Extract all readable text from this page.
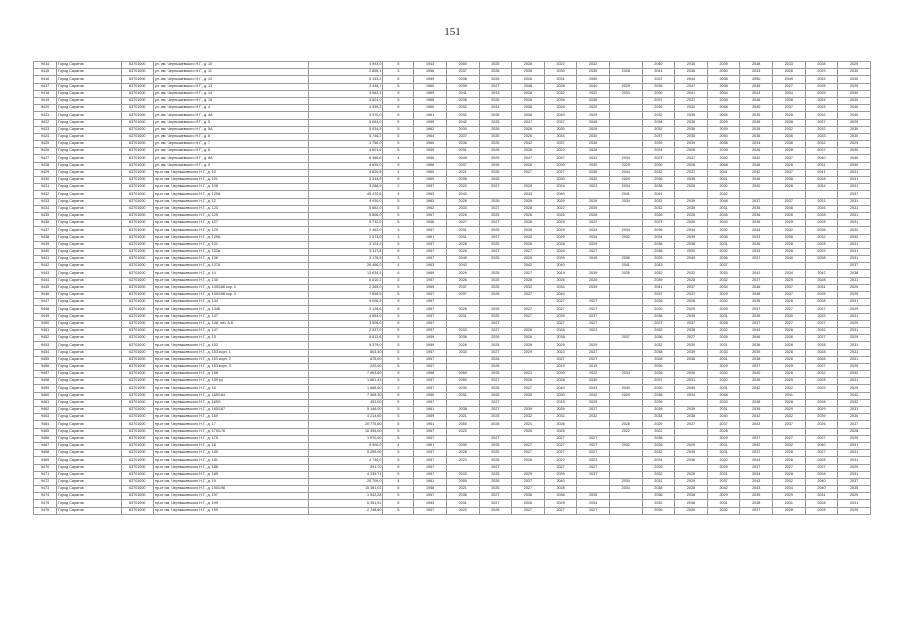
151
9414	Город Саратов	63701000	ул. им. Чернышевского Н.Г., д. 10	4 993,0	5	1943	2050	2025	2028	2022	2032		2040	2035	2039	2048	2033	2028	2029
9415	Город Саратов	63701000	ул. им. Чернышевского Н.Г., д. 11	2 805,1	3	1956	2037	2026	2036	2030	2035	2028	2041	2036	2050	2033	2028	2029	2030
9416	Город Саратов	63701000	ул. им. Чернышевского Н.Г., д. 12	5 133,2	5	1959	2038	2025	2026	2031	2050		2037	2044	2038	2050	2049	2033	2030
9417	Город Саратов	63701000	ул. им. Чернышевского Н.Г., д. 13	3 448,7	5	1960	2039	2027	2048	2038	2040	2029	2035	2047	2038	2049	2027	2035	2029
9418	Город Саратов	63701000	ул. им. Чернышевского Н.Г., д. 14	5 562,1	5	1969	2041	2033	2028	2032	2032	2033	2030	2041	2034	2043	2034	2029	2030
9419	Город Саратов	63701000	ул. им. Чернышевского Н.Г., д. 15	5 824,0	5	1966	2036	2026	2028	2038	2036		2037	2037	2039	2046	2038	2034	2030
9420	Город Саратов	63701000	ул. им. Чернышевского Н.Г., д. 4	4 399,2	5	1960	2032	2031	2036	2026	2020		2039	2032	2048	2040	2037	2033	2040
9421	Город Саратов	63701000	ул. им. Чернышевского Н.Г., д. 4А	3 970,0	5	1961	2032	2026	2036	2040	2029		2032	2039	2045	2039	2028	2032	2040
9422	Город Саратов	63701000	ул. им. Чернышевского Н.Г., д. 5	5 064,0	5	1959	2042	2025	2047	2037	2046		2034	2039	2029	2045	2038	2037	2029
9423	Город Саратов	63701000	ул. им. Чернышевского Н.Г., д. 5А	5 034,9	5	1962	2030	2026	2026	2030	2026		2032	2036	2039	2035	2032	2032	2030
9424	Город Саратов	63701000	ул. им. Чернышевского Н.Г., д. 6	5 746,2	5	1964	2037	2026	2026	2034	2030		2037	2030	2050	2036	2036	2033	2030
9425	Город Саратов	63701000	ул. им. Чернышевского Н.Г., д. 7	3 756,0	5	1960	2036	2025	2042	2037	2036		2039	2039	2038	2034	2038	2032	2029
9426	Город Саратов	63701000	ул. им. Чернышевского Н.Г., д. 8	4 601,6	5	1959	2031	2026	2026	2022	2026		2031	2026	2039	2026	2028	2022	2030
9427	Город Саратов	63701000	ул. им. Чернышевского Н.Г., д. 8А	8 366,6	4	1956	2049	2029	2047	2037	2031	2034	2027	2037	2040	2042	2037	2040	2040
9428	Город Саратов	63701000	ул. им. Чернышевского Н.Г., д. 9	4 839,0	5	1966	2037	2026	2026	2030	2030	2029	2030	2028	2048	2048	2028	2031	2030
9429	Город Саратов	63701000	пр-кт им. Чернышевского Н.Г., д. 10	4 820,8	4	1960	2021	2026	2027	2027	2036	2044	2032	2037	2041	2042	2037	2041	2031
9430	Город Саратов	63701000	пр-кт им. Чернышевского Н.Г., д. 101	3 344,9	5	1969	2036	2025		2030	2030	2029	2036	2039	2041	2046	2038	2028	2031
9431	Город Саратов	63701000	пр-кт им. Чернышевского Н.Г., д. 108	3 288,9	2	1957	2022	2027	2029	2024	2023	2034	2038	2028	2032	2040	2028	2034	2031
9432	Город Саратов	63701000	пр-кт им. Чернышевского Н.Г., д. 120А	45 470,6	4	1963	2043		2043	2040		2041	2041		2032				2037
9433	Город Саратов	63701000	пр-кт им. Чернышевского Н.Г., д. 12	4 930,0	5	1963	2026	2026	2026	2029	2026	2034	2032	2039	2048	2037	2037	2031	2031
9434	Город Саратов	63701000	пр-кт им. Чернышевского Н.Г., д. 123	5 892,0	5	1962	2033	2027	2028	2022	2039		2032	2039	2031	2036	2038	2026	2031
9435	Город Саратов	63701000	пр-кт им. Чернышевского Н.Г., д. 125	5 806,0	5	1957	2026	2025	2026	2026	2026		2026	2026	2045	2036	2028	2028	2031
9436	Город Саратов	63701000	пр-кт им. Чернышевского Н.Г., д. 127	5 732,0	5	1956	2027	2027	2028	2029	2022		2027	2030	2043	2036	2029	2028	2031
9437	Город Саратов	63701000	пр-кт им. Чернышевского Н.Г., д. 129	2 462,0	3	1957	2031	2025	2030	2029	2034	2034	2039	2034	2032	2034	2032	2036	2032
9438	Город Саратов	63701000	пр-кт им. Чернышевского Н.Г., д. 129А	2 573,0	3	1961	2031	2027	2030	2029	2034	2032	2034	2039	2035	2033	2038	2032	2032
9439	Город Саратов	63701000	пр-кт им. Чернышевского Н.Г., д. 131	3 124,2	5	1957	2028	2025	2026	2028	2029		2038	2038	2031	2036	2028	2028	2031
9440	Город Саратов	63701000	пр-кт им. Чернышевского Н.Г., д. 132а	5 117,8	5	1957	2026	2027	2027	2026	2027		2038	2030	2032	2033	2028	2029	2031
9441	Город Саратов	63701000	пр-кт им. Чернышевского Н.Г., д. 136	3 176,5	3	1957	2049	2025	2029	2039	2049	2036	2025	2049	2036	2037	2040	2038	2031
9442	Город Саратов	63701000	пр-кт им. Чернышевского Н.Г., д. 137А	26 466,0	4	1963	2043		2042	2040		2041	2043		2037				2037
9443	Город Саратов	63701000	пр-кт им. Чернышевского Н.Г., д. 14	13 634,5	6	1969	2029	2025	2027	2019	2039	2035	2032	2032	2033	2042	2034	2042	2038
9444	Город Саратов	63701000	пр-кт им. Чернышевского Н.Г., д. 140	6 010,2	5	1957	2026	2025	2026	2026	2026		2039	2028	2032	2037	2029	2028	2031
9445	Город Саратов	63701000	пр-кт им. Чернышевского Н.Г., д. 140/166 кор. 1	2 365,0	5	1969	2037	2025	2032	2034	2039		2041	2037	2034	2046	2037	2031	2029
9446	Город Саратов	63701000	пр-кт им. Чернышевского Н.Г., д. 140/166 кор. 3	7 896,9	5	1957	2037	2026	2037	2040			2037	2037	2029	2048	2037	2035	2029
9447	Город Саратов	63701000	пр-кт им. Чернышевского Н.Г., д. 144	5 006,5	5	1957				2027	2027		2028	2028	2032	2035	2028	2028	2031
9448	Город Саратов	63701000	пр-кт им. Чернышевского Н.Г., д. 144Б	3 128,6	5	1957	2026	2026	2027	2027	2027		2029	2029	2029	2037	2027	2027	2029
9449	Город Саратов	63701000	пр-кт им. Чернышевского Н.Г., д. 147	4 853,0	5	1957	2031	2025	2027	2039	2037		2038	2039	2031	2039	2030	2033	2031
9450	Город Саратов	63701000	пр-кт им. Чернышевского Н.Г., д. 148, лит. А,Б	3 906,0	5	1957		2027		2027	2027		2027	2037	2028	2037	2027	2027	2029
9451	Город Саратов	63701000	пр-кт им. Чернышевского Н.Г., д. 147	2 537,0	5	1957	2033	2027	2026	2028	2023		2033	2038	2032	2043	2028	2032	2031
9452	Город Саратов	63701000	пр-кт им. Чернышевского Н.Г., д. 15	6 812,6	5	1959	2036	2026	2026	2038		2037	2036	2027	2039	2046	2036	2027	2029
9453	Город Саратов	63701000	пр-кт им. Чернышевского Н.Г., д. 152	5 379,0	5	1959	2026	2025	2026	2026	2029		2032	2030	2031	2036	2028	2028	2031
9454	Город Саратов	63701000	пр-кт им. Чернышевского Н.Г., д. 153 корп. 1	803,40	5	1957	2033	2027	2029	2023	2037		2038	2039	2033	2039	2028	2028	2031
9455	Город Саратов	63701000	пр-кт им. Чернышевского Н.Г., д. 153 корп. 2	675,00	5	1957		2026		2027	2027		2028	2038	2031	2038	2028	2028	2031
9456	Город Саратов	63701000	пр-кт им. Чернышевского Н.Г., д. 153 корп. 3	220,00	5	1957		2026		2019	2019		2036		2029	2037	2029	2027	2029
9457	Город Саратов	63701000	пр-кт им. Чернышевского Н.Г., д. 158	7 693,60	5	1958	2050	2025	2021	2030	2022	2034	2028	2030	2032	2040	2028	2032	2032
9458	Город Саратов	63701000	пр-кт им. Чернышевского Н.Г., д. 159 (к)	1 661,43	5	1957	2050	2027	2026	2028	2030		2037	2031	2032	2039	2029	2028	2031
9459	Город Саратов	63701000	пр-кт им. Чернышевского Н.Г., д. 16	1 668,60	2	1957	2030	2025	2027	2040	2043	2043	2030	2049	2031	2042	2032	2029	2029
9460	Город Саратов	63701000	пр-кт им. Чернышевского Н.Г., д. 165/164	7 308,30	5	1950	2031	2025	2030	2030	2042	2029	2038	2034	2048		2041		2042
9461	Город Саратов	63701000	пр-кт им. Чернышевского Н.Г., д. 165/1	453,00	5	1957		2027		2019	2025		2039		2033	2038	2028	2028	2032
9462	Город Саратов	63701000	пр-кт им. Чернышевского Н.Г., д. 165/167	5 146,00	5	1961	2038	2027	2039	2039	2027		2039	2039	2031	2039	2029	2029	2031
9463	Город Саратов	63701000	пр-кт им. Чернышевского Н.Г., д. 169	4 214,60	5	1959	2021	2025	2032	2032	2032		2034	2038	2040	2042	2032	2039	2030
9464	Город Саратов	63701000	пр-кт им. Чернышевского Н.Г., д. 17	20 775,60	5	1961	2050	2026	2021	2026		2028	2029	2027	2037	2043	2037	2026	2037
9465	Город Саратов	63701000	пр-кт им. Чернышевского Н.Г., д. 170/176	10 395,00	5	1957	2022		2026	2026		2022	2022		2028				2028
9466	Город Саратов	63701000	пр-кт им. Чернышевского Н.Г., д. 175	1 970,00	5	1957		2027		2027	2027		2038		2029	2037	2027	2027	2029
9467	Город Саратов	63701000	пр-кт им. Чернышевского Н.Г., д. 18	5 900,0	4	1961	2030	2025	2027	2027	2027	2032	2028	2029	2031	2042	2032	2040	2031
9468	Город Саратов	63701000	пр-кт им. Чернышевского Н.Г., д. 180	5 295,00	5	1957	2028	2025	2027	2027	2027		2032	2039	2031	2037	2028	2027	2031
9469	Город Саратов	63701000	пр-кт им. Чернышевского Н.Г., д. 181	4 730,0	5	1957	2023	2025	2026	2022	2023		2031	2036	2032	2043	2028	2028	2031
9470	Город Саратов	63701000	пр-кт им. Чернышевского Н.Г., д. 186	291,70	5	1957		2027		2027	2027		2029		2029	2037	2027	2027	2029
9471	Город Саратов	63701000	пр-кт им. Чернышевского Н.Г., д. 189	4 339,71	5	1957	2033	2025	2029	2039	2037		2032	2029	2031	2034	2028	2028	2031
9472	Город Саратов	63701000	пр-кт им. Чернышевского Н.Г., д. 19	20 709,0	4	1961	2050	2026	2037	2040		2034	2031	2029	2037	2043	2032	2040	2037
9473	Город Саратов	63701000	пр-кт им. Чернышевского Н.Г., д. 190/198	15 391,02	5	1956	2021	2026	2027	2028		2034	2038	2028	2042	2043	2034	2040	2035
9474	Город Саратов	63701000	пр-кт им. Чернышевского Н.Г., д. 197	1 942,28	5	1957	2036	2027	2036	2036	2035		2036	2036	2029	2039	2029	2031	2029
9475	Город Саратов	63701000	пр-кт им. Чернышевского Н.Г., д. 199	6 351,91	5	1953	2031	2027	2026	2029	2034		2032	2036	2031	2038	2031	2028	2031
9476	Город Саратов	63701000	пр-кт им. Чернышевского Н.Г., д. 199	2 748,60	5	1957	2022	2026	2027	2027	2027		2036	2030	2032	2037	2028	2028	2029
